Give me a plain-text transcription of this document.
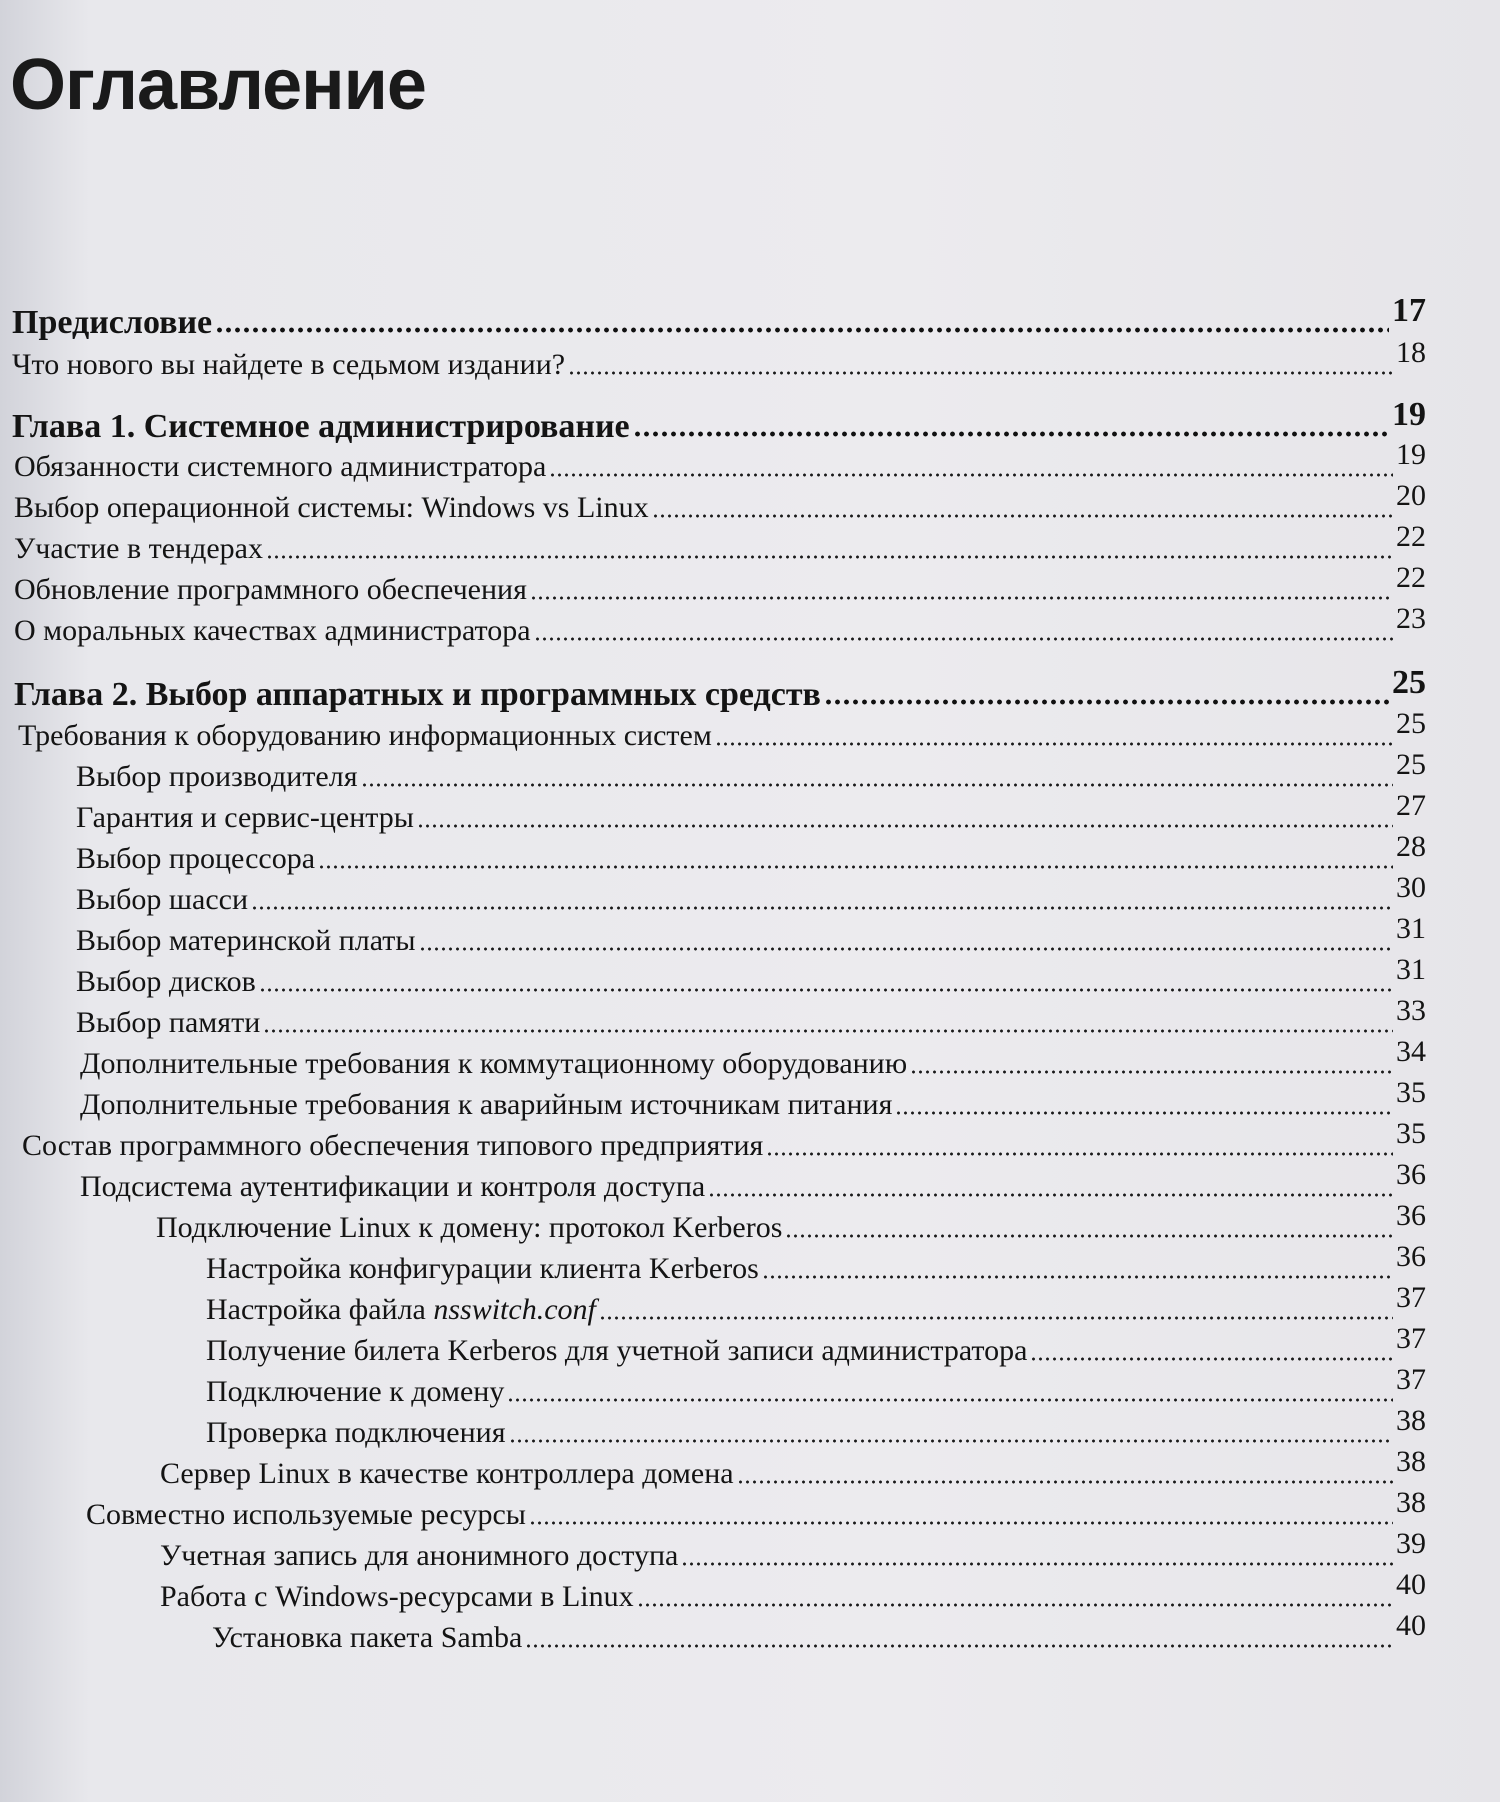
Оглавление
Предисловие	17
Что нового вы найдете в седьмом издании?	18
Глава 1. Системное администрирование	19
Обязанности системного администратора	19
Выбор операционной системы: Windows vs Linux	20
Участие в тендерах	22
Обновление программного обеспечения	22
О моральных качествах администратора	23
Глава 2. Выбор аппаратных и программных средств	25
Требования к оборудованию информационных систем	25
Выбор производителя	25
Гарантия и сервис-центры	27
Выбор процессора	28
Выбор шасси	30
Выбор материнской платы	31
Выбор дисков	31
Выбор памяти	33
Дополнительные требования к коммутационному оборудованию	34
Дополнительные требования к аварийным источникам питания	35
Состав программного обеспечения типового предприятия	35
Подсистема аутентификации и контроля доступа	36
Подключение Linux к домену: протокол Kerberos	36
Настройка конфигурации клиента Kerberos	36
Настройка файла nsswitch.conf	37
Получение билета Kerberos для учетной записи администратора	37
Подключение к домену	37
Проверка подключения	38
Сервер Linux в качестве контроллера домена	38
Совместно используемые ресурсы	38
Учетная запись для анонимного доступа	39
Работа с Windows-ресурсами в Linux	40
Установка пакета Samba	40
